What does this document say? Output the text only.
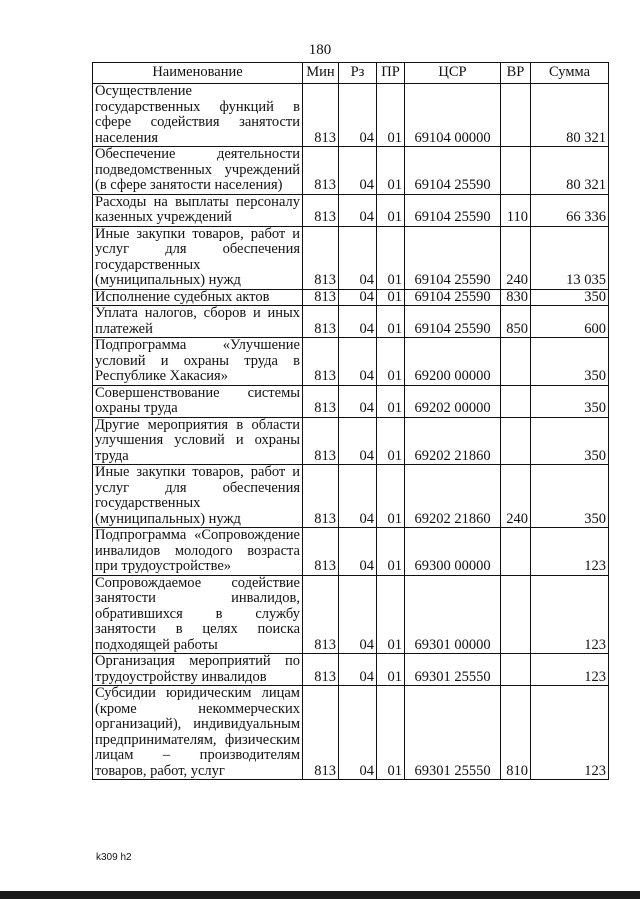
180
Наименование	Мин	Рз	ПР	ЦСР	ВР	Сумма
Осуществление государственных функций в сфере содействия занятости населения	813	04	01	69104 00000		80 321
Обеспечение деятельности подведомственных учреждений (в сфере занятости населения)	813	04	01	69104 25590		80 321
Расходы на выплаты персоналу казенных учреждений	813	04	01	69104 25590	110	66 336
Иные закупки товаров, работ и услуг для обеспечения государственных (муниципальных) нужд	813	04	01	69104 25590	240	13 035
Исполнение судебных актов	813	04	01	69104 25590	830	350
Уплата налогов, сборов и иных платежей	813	04	01	69104 25590	850	600
Подпрограмма «Улучшение условий и охраны труда в Республике Хакасия»	813	04	01	69200 00000		350
Совершенствование системы охраны труда	813	04	01	69202 00000		350
Другие мероприятия в области улучшения условий и охраны труда	813	04	01	69202 21860		350
Иные закупки товаров, работ и услуг для обеспечения государственных (муниципальных) нужд	813	04	01	69202 21860	240	350
Подпрограмма «Сопровождение инвалидов молодого возраста при трудоустройстве»	813	04	01	69300 00000		123
Сопровождаемое содействие занятости инвалидов, обратившихся в службу занятости в целях поиска подходящей работы	813	04	01	69301 00000		123
Организация мероприятий по трудоустройству инвалидов	813	04	01	69301 25550		123
Субсидии юридическим лицам (кроме некоммерческих организаций), индивидуальным предпринимателям, физическим лицам – производителям товаров, работ, услуг	813	04	01	69301 25550	810	123
k309 h2
